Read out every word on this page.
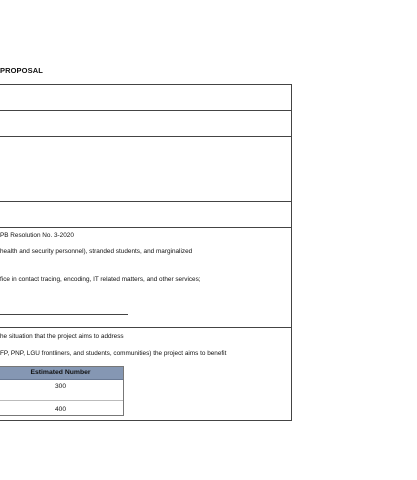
PROPOSAL
PB Resolution No. 3-2020
health and security personnel), stranded students, and marginalized
fice in contact tracing, encoding, IT related matters, and other services;
he situation that the project aims to address
FP, PNP, LGU frontliners, and students, communities) the project aims to benefit
Estimated Number
300
400
